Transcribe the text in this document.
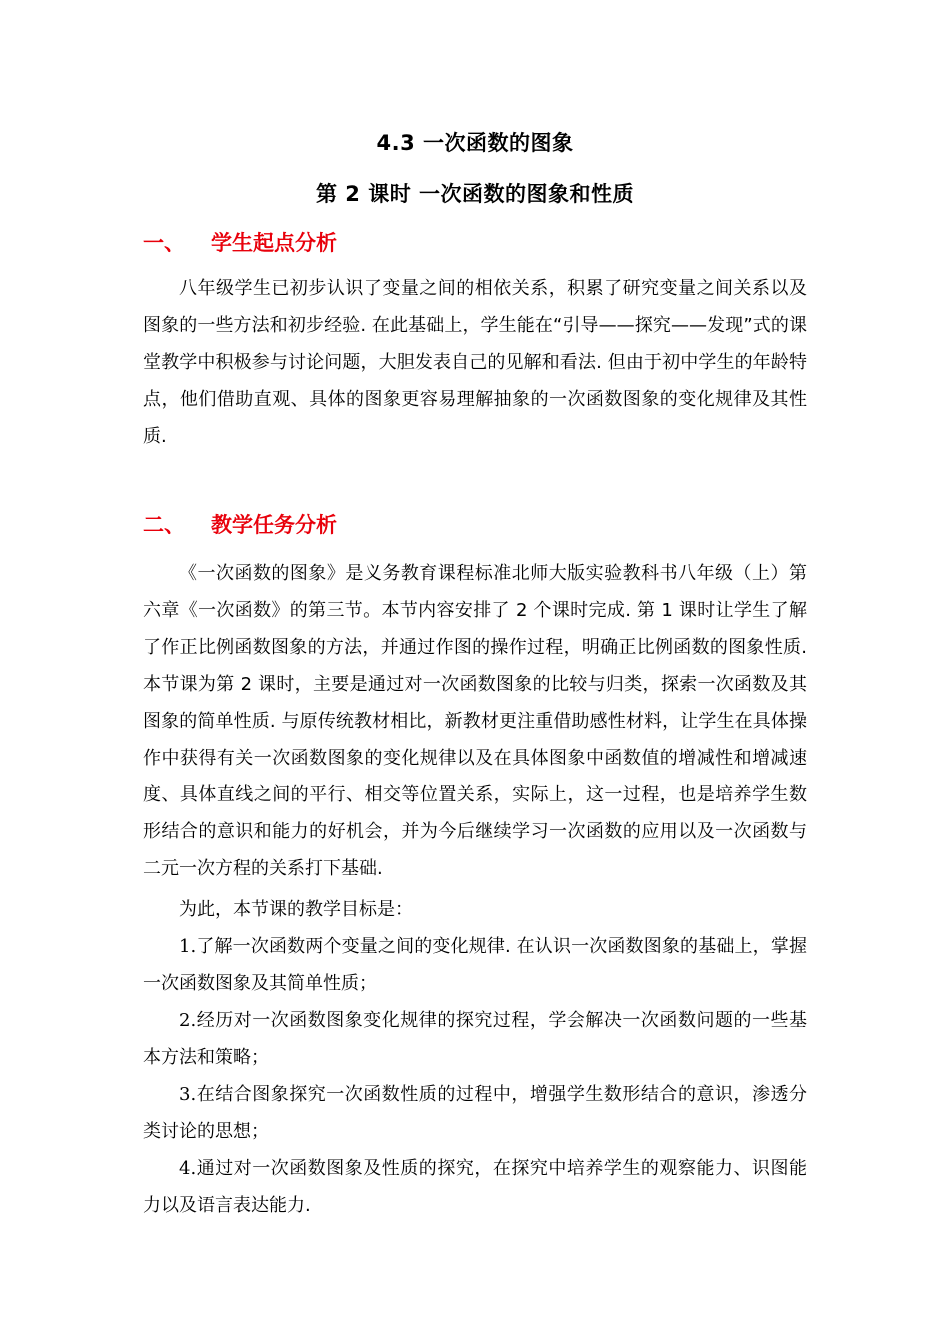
4.3 一次函数的图象
第 2 课时 一次函数的图象和性质
一、 学生起点分析

八年级学生已初步认识了变量之间的相依关系，积累了研究变量之间关系以及图象的一些方法和初步经验. 在此基础上，学生能在“引导——探究——发现”式的课堂教学中积极参与讨论问题，大胆发表自己的见解和看法. 但由于初中学生的年龄特点，他们借助直观、具体的图象更容易理解抽象的一次函数图象的变化规律及其性质.

二、 教学任务分析

《一次函数的图象》是义务教育课程标准北师大版实验教科书八年级（上）第六章《一次函数》的第三节。本节内容安排了 2 个课时完成. 第 1 课时让学生了解了作正比例函数图象的方法，并通过作图的操作过程，明确正比例函数的图象性质. 本节课为第 2 课时，主要是通过对一次函数图象的比较与归类，探索一次函数及其图象的简单性质. 与原传统教材相比，新教材更注重借助感性材料，让学生在具体操作中获得有关一次函数图象的变化规律以及在具体图象中函数值的增减性和增减速度、具体直线之间的平行、相交等位置关系，实际上，这一过程，也是培养学生数形结合的意识和能力的好机会，并为今后继续学习一次函数的应用以及一次函数与二元一次方程的关系打下基础.

为此，本节课的教学目标是：

1.了解一次函数两个变量之间的变化规律. 在认识一次函数图象的基础上，掌握一次函数图象及其简单性质；

2.经历对一次函数图象变化规律的探究过程，学会解决一次函数问题的一些基本方法和策略；

3.在结合图象探究一次函数性质的过程中，增强学生数形结合的意识，渗透分类讨论的思想；

4.通过对一次函数图象及性质的探究，在探究中培养学生的观察能力、识图能力以及语言表达能力.
